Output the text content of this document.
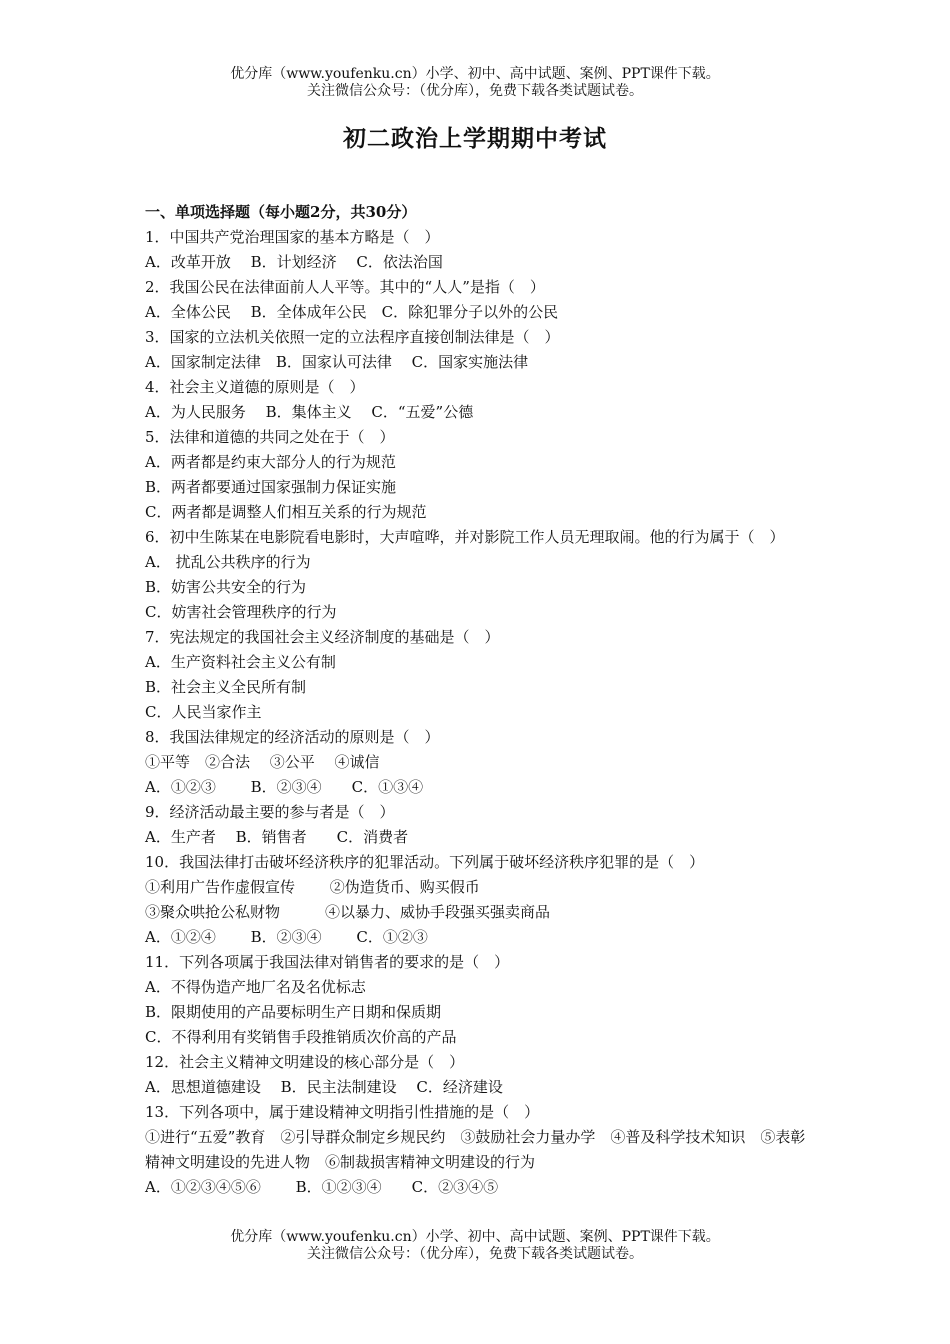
优分库（www.youfenku.cn）小学、初中、高中试题、案例、PPT课件下载。
关注微信公众号：（优分库），免费下载各类试题试卷。
初二政治上学期期中考试
一、单项选择题（每小题2分，共30分）
1．中国共产党治理国家的基本方略是（　）
A．改革开放　 B．计划经济　 C．依法治国
2．我国公民在法律面前人人平等。其中的“人人”是指（　）
A．全体公民　 B．全体成年公民　C．除犯罪分子以外的公民
3．国家的立法机关依照一定的立法程序直接创制法律是（　）
A．国家制定法律　B．国家认可法律　 C．国家实施法律
4．社会主义道德的原则是（　）
A．为人民服务　 B．集体主义　 C．“五爱”公德
5．法律和道德的共同之处在于（　）
A．两者都是约束大部分人的行为规范
B．两者都要通过国家强制力保证实施
C．两者都是调整人们相互关系的行为规范
6．初中生陈某在电影院看电影时，大声喧哗，并对影院工作人员无理取闹。他的行为属于（　）
A． 扰乱公共秩序的行为
B．妨害公共安全的行为
C．妨害社会管理秩序的行为
7．宪法规定的我国社会主义经济制度的基础是（　）
A．生产资料社会主义公有制
B．社会主义全民所有制
C．人民当家作主
8．我国法律规定的经济活动的原则是（　）
①平等　②合法　 ③公平　 ④诚信
A．①②③　　 B．②③④　　C．①③④
9．经济活动最主要的参与者是（　）
A．生产者　 B．销售者　　C．消费者
10．我国法律打击破坏经济秩序的犯罪活动。下列属于破坏经济秩序犯罪的是（　）
①利用广告作虚假宣传　　 ②伪造货币、购买假币
③聚众哄抢公私财物　　　④以暴力、威协手段强买强卖商品
A．①②④　　 B．②③④　　 C．①②③
11．下列各项属于我国法律对销售者的要求的是（　）
A．不得伪造产地厂名及名优标志
B．限期使用的产品要标明生产日期和保质期
C．不得利用有奖销售手段推销质次价高的产品
12．社会主义精神文明建设的核心部分是（　）
A．思想道德建设　 B．民主法制建设　 C．经济建设
13．下列各项中，属于建设精神文明指引性措施的是（　）
①进行“五爱”教育　②引导群众制定乡规民约　③鼓励社会力量办学　④普及科学技术知识　⑤表彰精神文明建设的先进人物　⑥制裁损害精神文明建设的行为
A．①②③④⑤⑥　　 B．①②③④　　C．②③④⑤
优分库（www.youfenku.cn）小学、初中、高中试题、案例、PPT课件下载。
关注微信公众号：（优分库），免费下载各类试题试卷。
